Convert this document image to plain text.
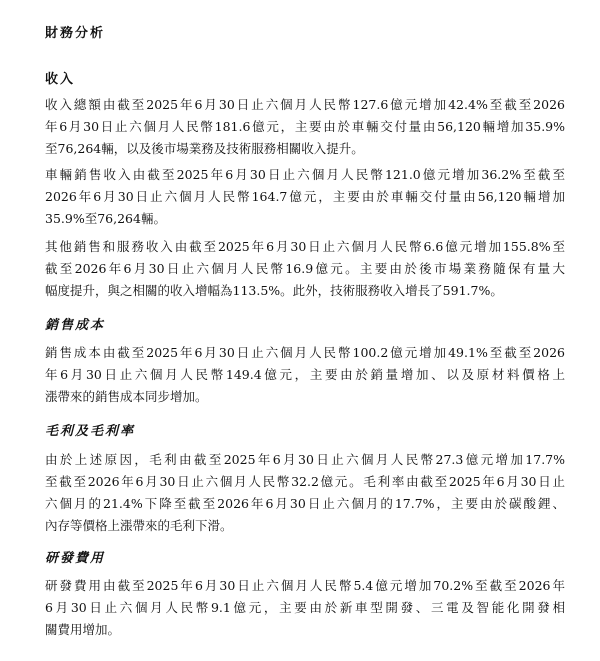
財務分析
收入

收入總額由截至2025年6月30日止六個月人民幣127.6億元增加42.4%至截至2026
年6月30日止六個月人民幣181.6億元，主要由於車輛交付量由56,120輛增加35.9%
至76,264輛，以及後市場業務及技術服務相關收入提升。

車輛銷售收入由截至2025年6月30日止六個月人民幣121.0億元增加36.2%至截至
2026年6月30日止六個月人民幣164.7億元，主要由於車輛交付量由56,120輛增加
35.9%至76,264輛。

其他銷售和服務收入由截至2025年6月30日止六個月人民幣6.6億元增加155.8%至
截至2026年6月30日止六個月人民幣16.9億元。主要由於後市場業務隨保有量大
幅度提升，與之相關的收入增幅為113.5%。此外，技術服務收入增長了591.7%。

銷售成本

銷售成本由截至2025年6月30日止六個月人民幣100.2億元增加49.1%至截至2026
年6月30日止六個月人民幣149.4億元，主要由於銷量增加、以及原材料價格上
漲帶來的銷售成本同步增加。

毛利及毛利率

由於上述原因，毛利由截至2025年6月30日止六個月人民幣27.3億元增加17.7%
至截至2026年6月30日止六個月人民幣32.2億元。毛利率由截至2025年6月30日止
六個月的21.4%下降至截至2026年6月30日止六個月的17.7%，主要由於碳酸鋰、
內存等價格上漲帶來的毛利下滑。

研發費用

研發費用由截至2025年6月30日止六個月人民幣5.4億元增加70.2%至截至2026年
6月30日止六個月人民幣9.1億元，主要由於新車型開發、三電及智能化開發相
關費用增加。
